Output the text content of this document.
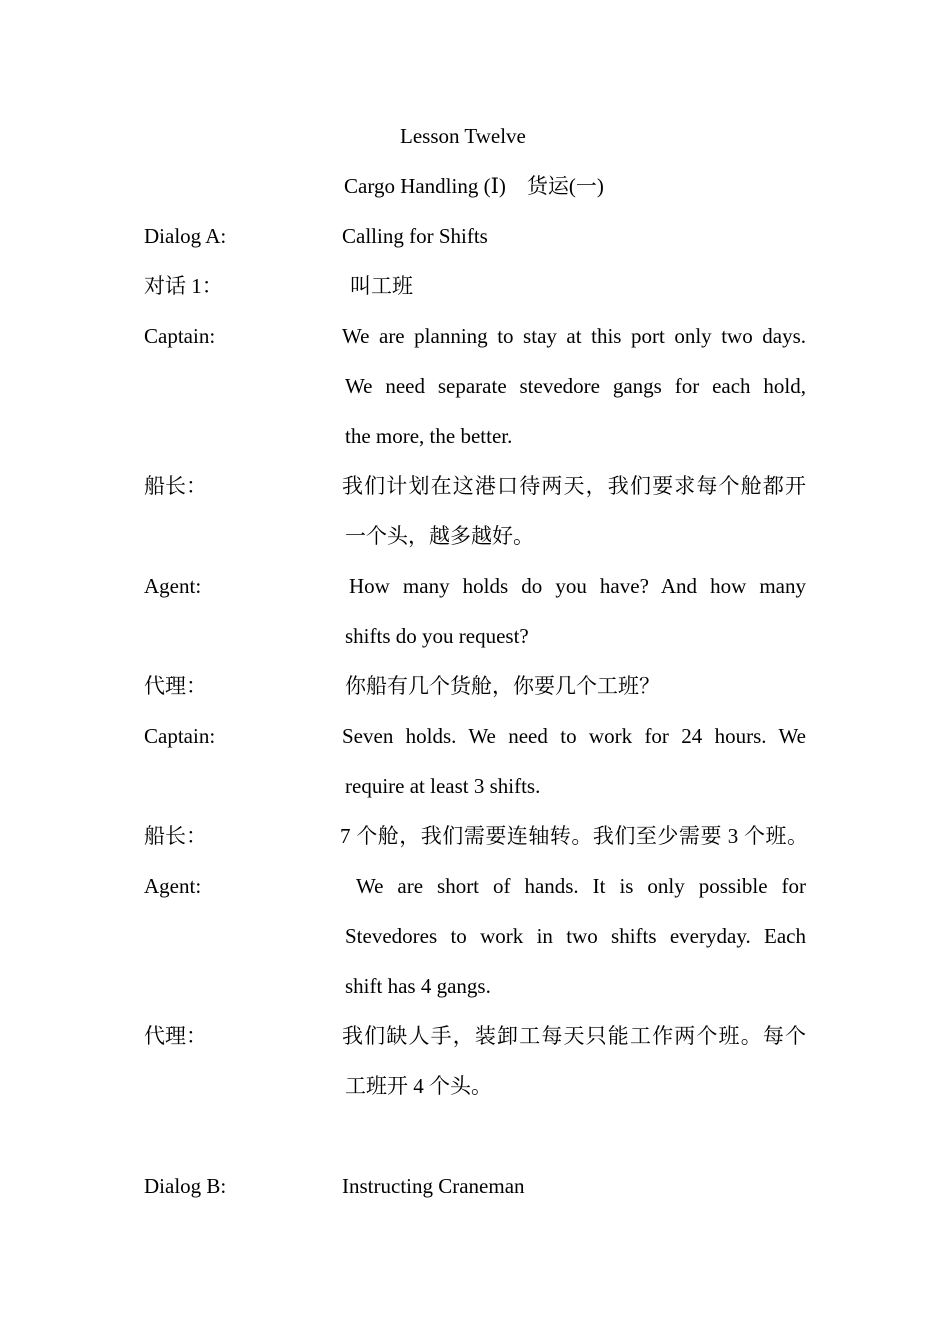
Lesson Twelve
Cargo Handling (Ⅰ)　货运(一)
Dialog A:	Calling for Shifts
对话 1：	叫工班
Captain:	We are planning to stay at this port only two days.
We need separate stevedore gangs for each hold,
the more, the better.
船长：	我们计划在这港口待两天，我们要求每个舱都开
一个头，越多越好。
Agent:	How many holds do you have? And how many
shifts do you request?
代理：	你船有几个货舱，你要几个工班？
Captain:	Seven holds. We need to work for 24 hours. We
require at least 3 shifts.
船长：	7 个舱，我们需要连轴转。我们至少需要 3 个班。
Agent:	We are short of hands. It is only possible for
Stevedores to work in two shifts everyday. Each
shift has 4 gangs.
代理：	我们缺人手，装卸工每天只能工作两个班。每个
工班开 4 个头。
Dialog B:	Instructing Craneman
